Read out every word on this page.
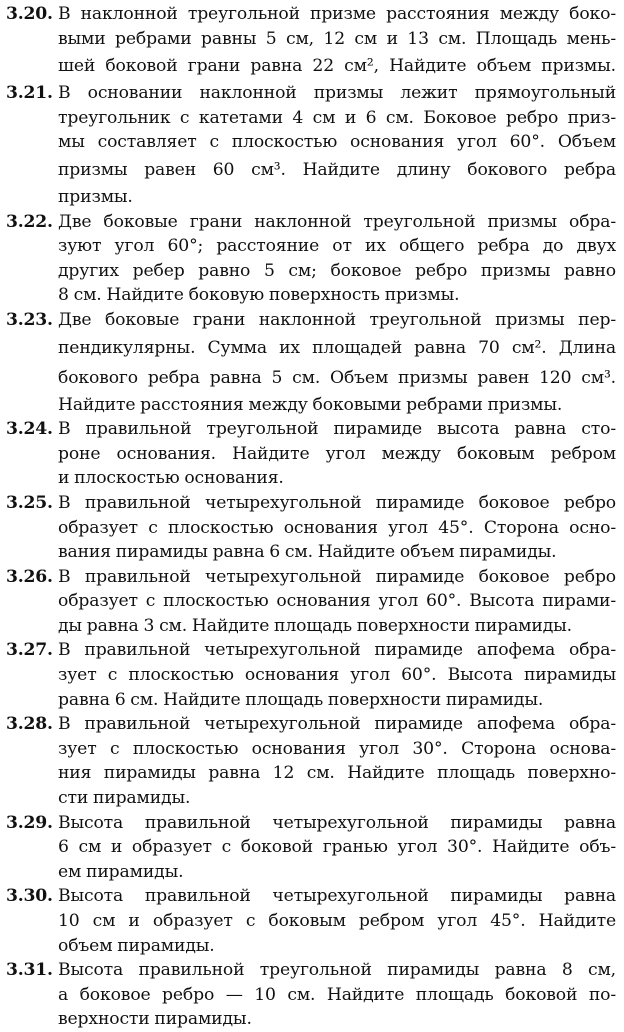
3.20. В наклонной треугольной призме расстояния между боко-
выми ребрами равны 5 см, 12 см и 13 см. Площадь мень-
шей боковой грани равна 22 см², Найдите объем призмы.
3.21. В основании наклонной призмы лежит прямоугольный
треугольник с катетами 4 см и 6 см. Боковое ребро приз-
мы составляет с плоскостью основания угол 60°. Объем
призмы равен 60 см³. Найдите длину бокового ребра
призмы.
3.22. Две боковые грани наклонной треугольной призмы обра-
зуют угол 60°; расстояние от их общего ребра до двух
других ребер равно 5 см; боковое ребро призмы равно
8 см. Найдите боковую поверхность призмы.
3.23. Две боковые грани наклонной треугольной призмы пер-
пендикулярны. Сумма их площадей равна 70 см². Длина
бокового ребра равна 5 см. Объем призмы равен 120 см³.
Найдите расстояния между боковыми ребрами призмы.
3.24. В правильной треугольной пирамиде высота равна сто-
роне основания. Найдите угол между боковым ребром
и плоскостью основания.
3.25. В правильной четырехугольной пирамиде боковое ребро
образует с плоскостью основания угол 45°. Сторона осно-
вания пирамиды равна 6 см. Найдите объем пирамиды.
3.26. В правильной четырехугольной пирамиде боковое ребро
образует с плоскостью основания угол 60°. Высота пирами-
ды равна 3 см. Найдите площадь поверхности пирамиды.
3.27. В правильной четырехугольной пирамиде апофема обра-
зует с плоскостью основания угол 60°. Высота пирамиды
равна 6 см. Найдите площадь поверхности пирамиды.
3.28. В правильной четырехугольной пирамиде апофема обра-
зует с плоскостью основания угол 30°. Сторона основа-
ния пирамиды равна 12 см. Найдите площадь поверхно-
сти пирамиды.
3.29. Высота правильной четырехугольной пирамиды равна
6 см и образует с боковой гранью угол 30°. Найдите объ-
ем пирамиды.
3.30. Высота правильной четырехугольной пирамиды равна
10 см и образует с боковым ребром угол 45°. Найдите
объем пирамиды.
3.31. Высота правильной треугольной пирамиды равна 8 см,
а боковое ребро — 10 см. Найдите площадь боковой по-
верхности пирамиды.
